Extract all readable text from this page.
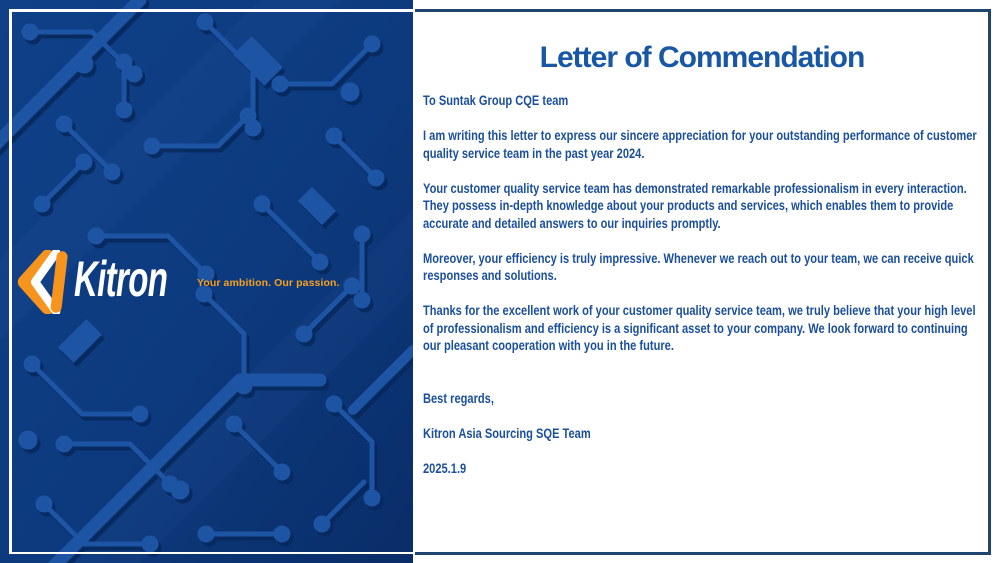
Kitron	Your ambition. Our passion.
Letter of Commendation

To Suntak Group CQE team

I am writing this letter to express our sincere appreciation for your outstanding performance of customer quality service team in the past year 2024.

Your customer quality service team has demonstrated remarkable professionalism in every interaction. They possess in-depth knowledge about your products and services, which enables them to provide accurate and detailed answers to our inquiries promptly.

Moreover, your efficiency is truly impressive. Whenever we reach out to your team, we can receive quick responses and solutions.

Thanks for the excellent work of your customer quality service team, we truly believe that your high level of professionalism and efficiency is a significant asset to your company. We look forward to continuing our pleasant cooperation with you in the future.

Best regards,

Kitron Asia Sourcing SQE Team

2025.1.9
